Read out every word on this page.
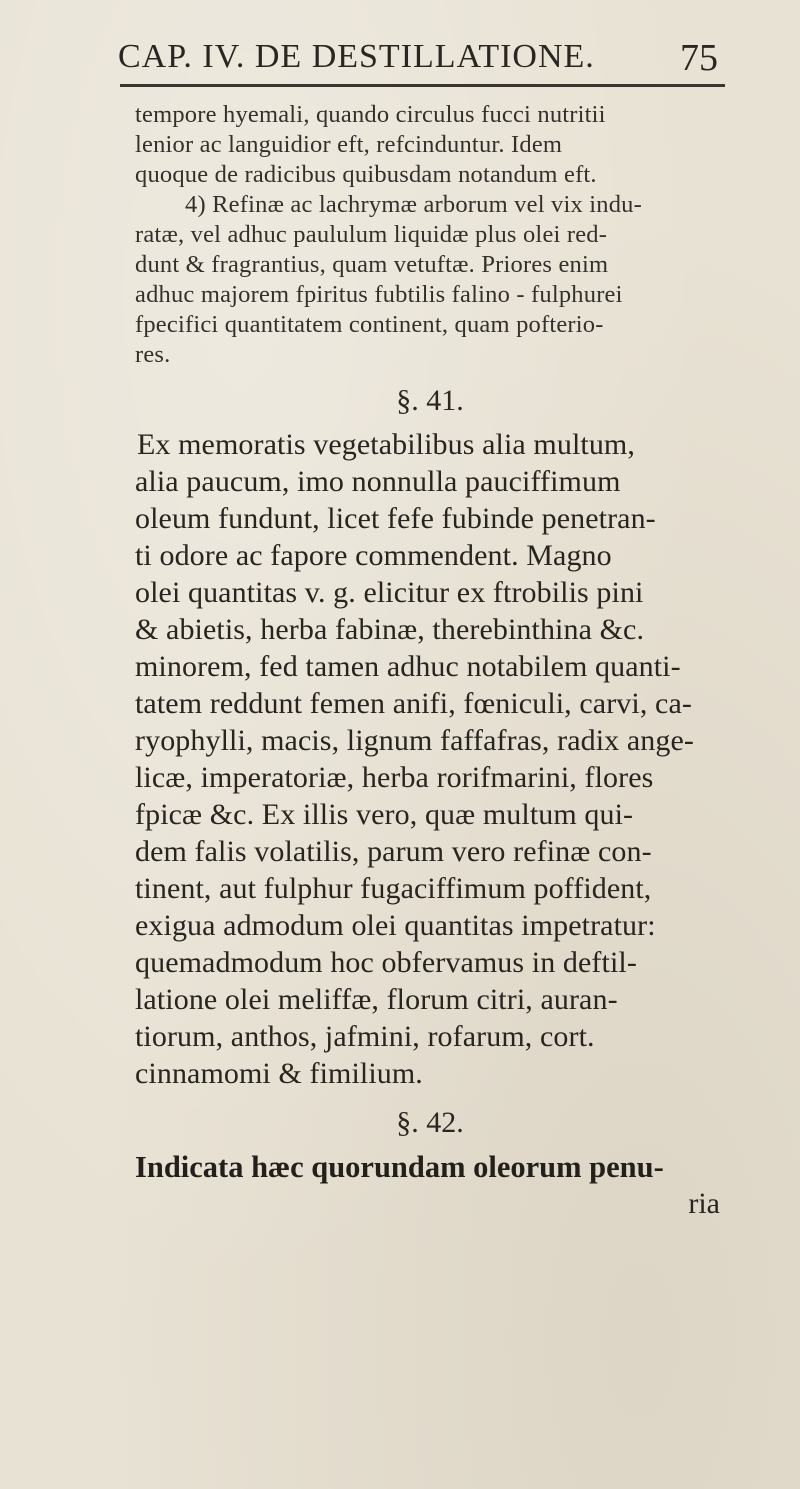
CAP. IV. DE DESTILLATIONE. 75
tempore hyemali, quando circulus fucci nutritii
lenior ac languidior eft, refcinduntur. Idem
quoque de radicibus quibusdam notandum eft.
4) Refinæ ac lachrymæ arborum vel vix indu-
ratæ, vel adhuc paululum liquidæ plus olei red-
dunt & fragrantius, quam vetuftæ. Priores enim
adhuc majorem fpiritus fubtilis falino - fulphurei
fpecifici quantitatem continent, quam pofterio-
res.
§. 41.
Ex memoratis vegetabilibus alia multum,
alia paucum, imo nonnulla pauciffimum
oleum fundunt, licet fefe fubinde penetran-
ti odore ac fapore commendent. Magno
olei quantitas v. g. elicitur ex ftrobilis pini
& abietis, herba fabinæ, therebinthina &c.
minorem, fed tamen adhuc notabilem quanti-
tatem reddunt femen anifi, fœniculi, carvi, ca-
ryophylli, macis, lignum faffafras, radix ange-
licæ, imperatoriæ, herba rorifmarini, flores
fpicæ &c. Ex illis vero, quæ multum qui-
dem falis volatilis, parum vero refinæ con-
tinent, aut fulphur fugaciffimum poffident,
exigua admodum olei quantitas impetratur:
quemadmodum hoc obfervamus in deftil-
latione olei meliffæ, florum citri, auran-
tiorum, anthos, jafmini, rofarum, cort.
cinnamomi & fimilium.
§. 42.
Indicata hæc quorundam oleorum penu-
ria
